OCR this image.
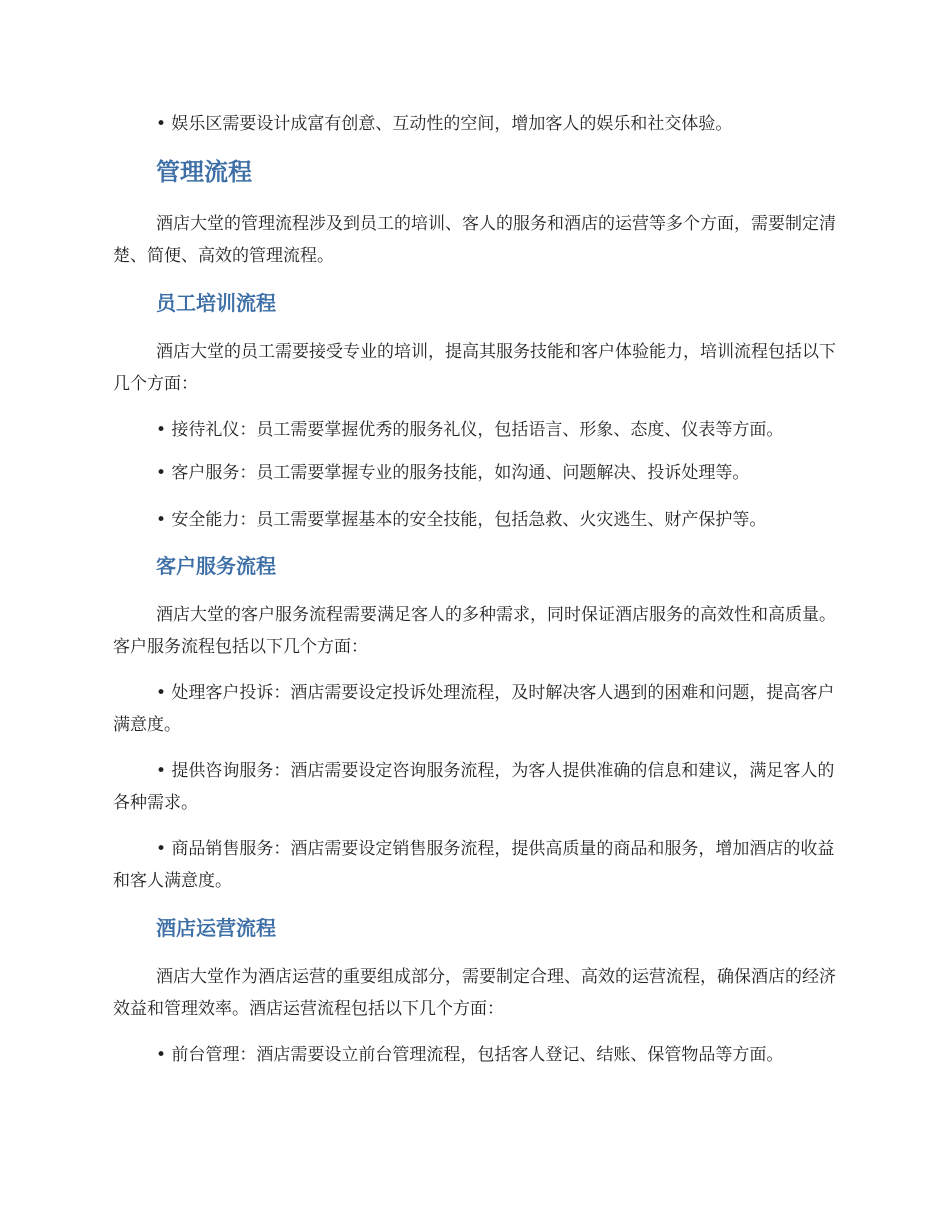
• 娱乐区需要设计成富有创意、互动性的空间，增加客人的娱乐和社交体验。

管理流程

酒店大堂的管理流程涉及到员工的培训、客人的服务和酒店的运营等多个方面，需要制定清楚、简便、高效的管理流程。

员工培训流程

酒店大堂的员工需要接受专业的培训，提高其服务技能和客户体验能力，培训流程包括以下几个方面：

• 接待礼仪：员工需要掌握优秀的服务礼仪，包括语言、形象、态度、仪表等方面。

• 客户服务：员工需要掌握专业的服务技能，如沟通、问题解决、投诉处理等。

• 安全能力：员工需要掌握基本的安全技能，包括急救、火灾逃生、财产保护等。

客户服务流程

酒店大堂的客户服务流程需要满足客人的多种需求，同时保证酒店服务的高效性和高质量。客户服务流程包括以下几个方面：

• 处理客户投诉：酒店需要设定投诉处理流程，及时解决客人遇到的困难和问题，提高客户满意度。

• 提供咨询服务：酒店需要设定咨询服务流程，为客人提供准确的信息和建议，满足客人的各种需求。

• 商品销售服务：酒店需要设定销售服务流程，提供高质量的商品和服务，增加酒店的收益和客人满意度。

酒店运营流程

酒店大堂作为酒店运营的重要组成部分，需要制定合理、高效的运营流程，确保酒店的经济效益和管理效率。酒店运营流程包括以下几个方面：

• 前台管理：酒店需要设立前台管理流程，包括客人登记、结账、保管物品等方面。
